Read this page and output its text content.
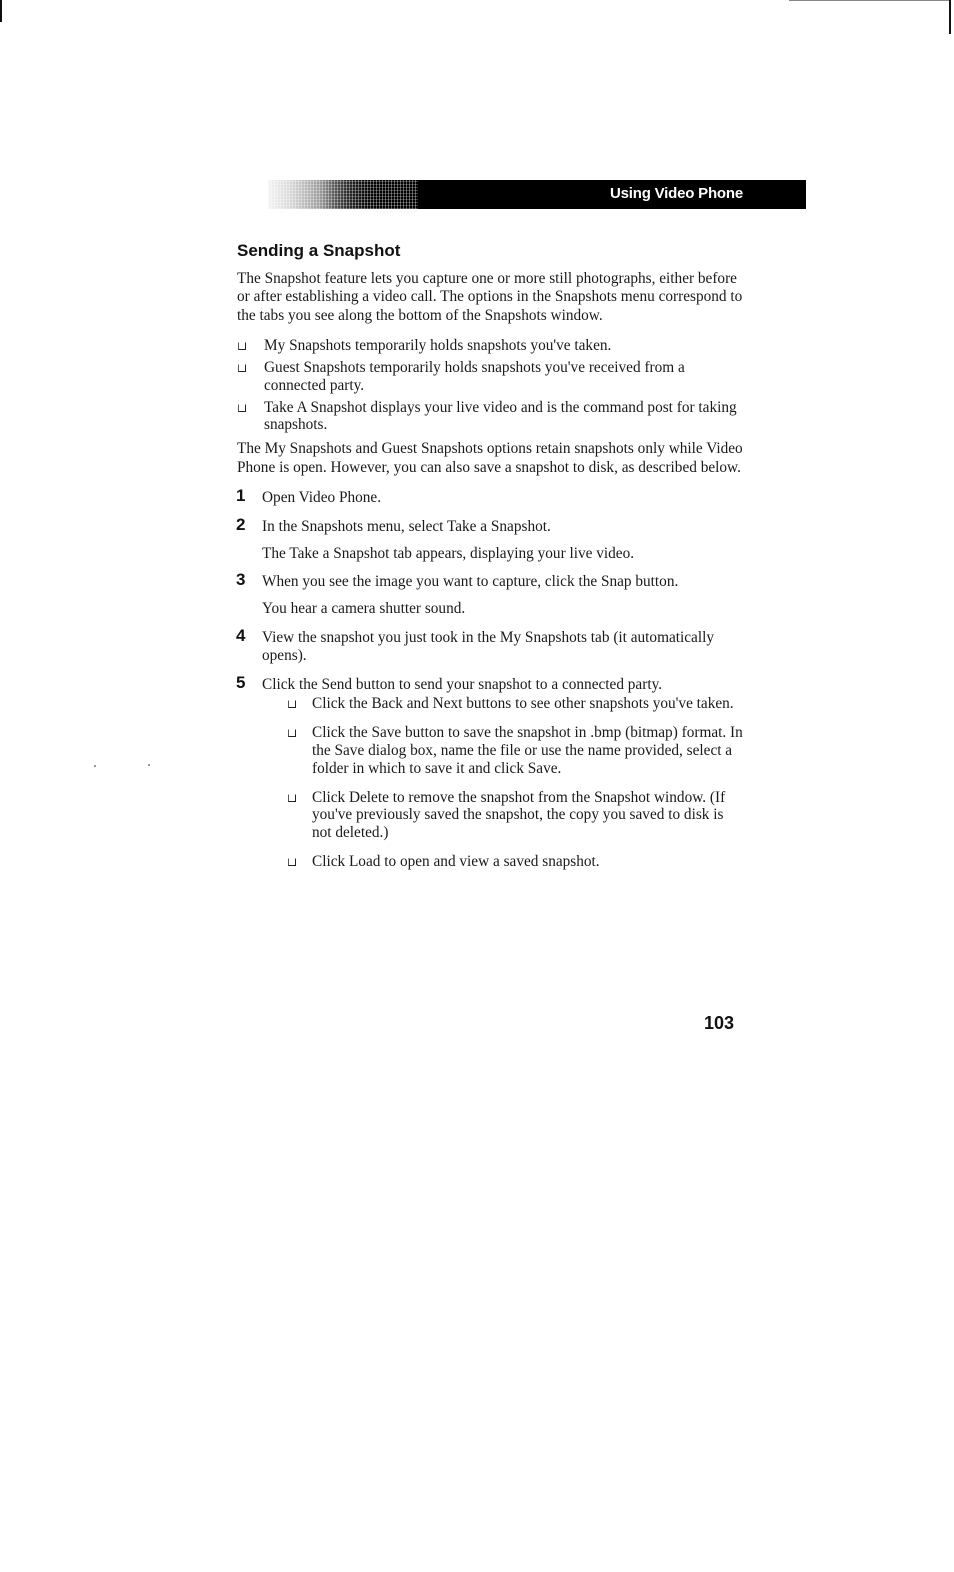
Using Video Phone
Sending a Snapshot

The Snapshot feature lets you capture one or more still photographs, either before or after establishing a video call. The options in the Snapshots menu correspond to the tabs you see along the bottom of the Snapshots window.

My Snapshots temporarily holds snapshots you've taken.
Guest Snapshots temporarily holds snapshots you've received from a connected party.
Take A Snapshot displays your live video and is the command post for taking snapshots.

The My Snapshots and Guest Snapshots options retain snapshots only while Video Phone is open. However, you can also save a snapshot to disk, as described below.

1 Open Video Phone.
2 In the Snapshots menu, select Take a Snapshot.
The Take a Snapshot tab appears, displaying your live video.
3 When you see the image you want to capture, click the Snap button.
You hear a camera shutter sound.
4 View the snapshot you just took in the My Snapshots tab (it automatically opens).
5 Click the Send button to send your snapshot to a connected party.
Click the Back and Next buttons to see other snapshots you've taken.
Click the Save button to save the snapshot in .bmp (bitmap) format. In the Save dialog box, name the file or use the name provided, select a folder in which to save it and click Save.
Click Delete to remove the snapshot from the Snapshot window. (If you've previously saved the snapshot, the copy you saved to disk is not deleted.)
Click Load to open and view a saved snapshot.
103
